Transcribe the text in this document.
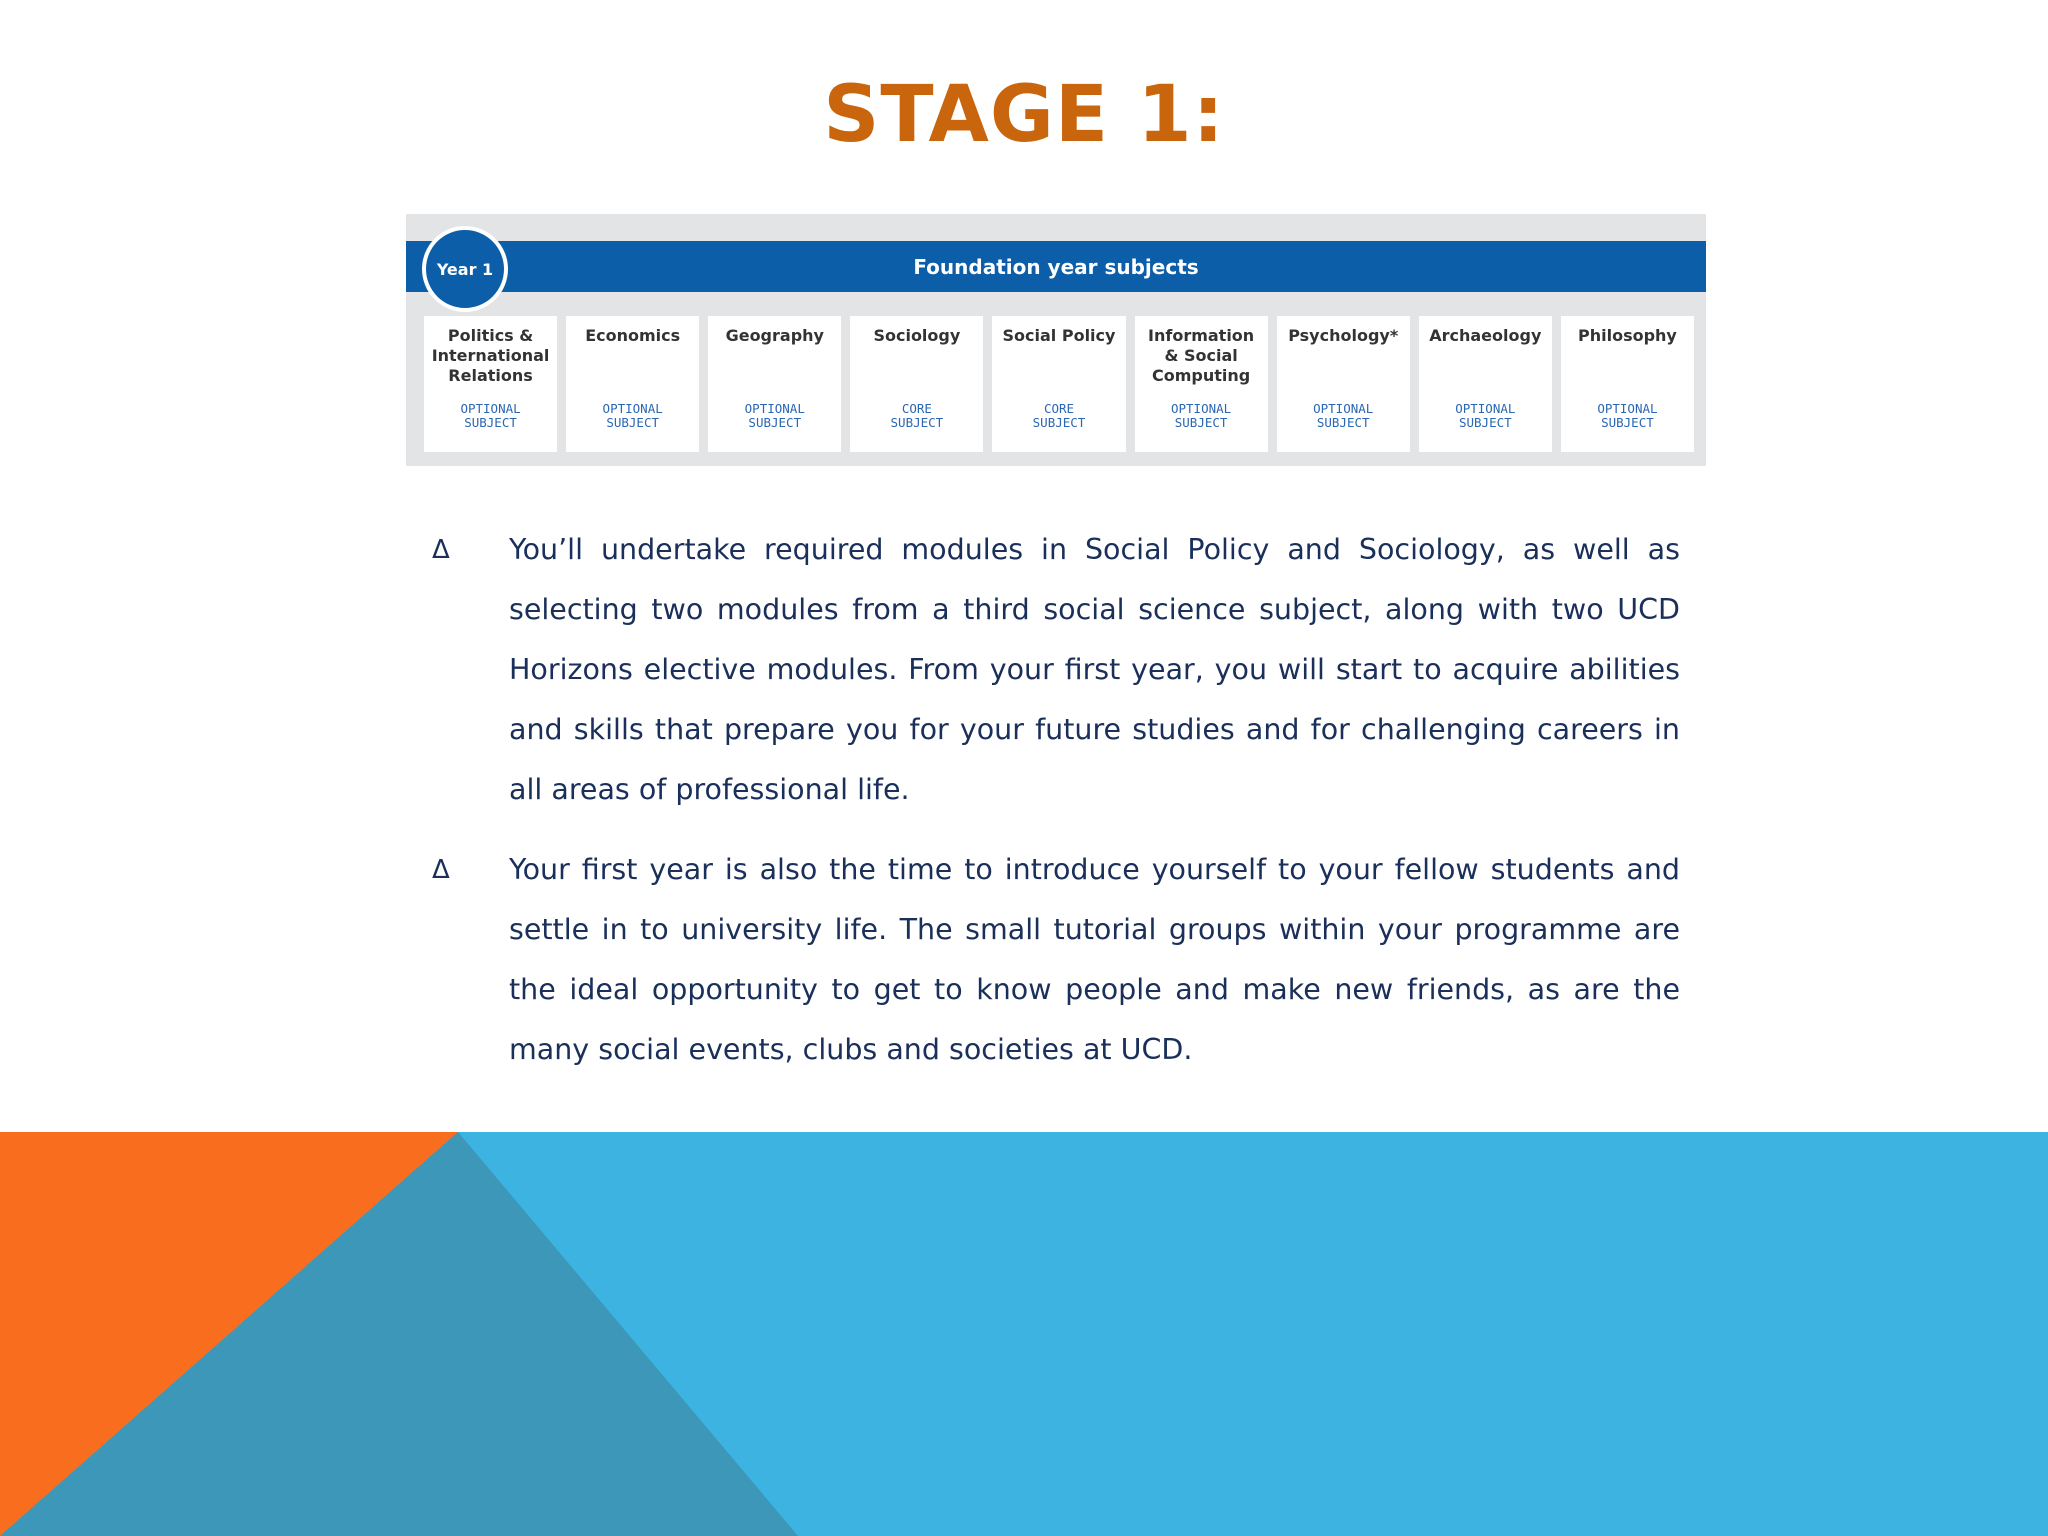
STAGE 1:
Foundation year subjects
Year 1
Politics & International Relations
OPTIONAL
SUBJECT
Economics
OPTIONAL
SUBJECT
Geography
OPTIONAL
SUBJECT
Sociology
CORE
SUBJECT
Social Policy
CORE
SUBJECT
Information & Social Computing
OPTIONAL
SUBJECT
Psychology*
OPTIONAL
SUBJECT
Archaeology
OPTIONAL
SUBJECT
Philosophy
OPTIONAL
SUBJECT
Δ You’ll undertake required modules in Social Policy and Sociology, as well as selecting two modules from a third social science subject, along with two UCD Horizons elective modules. From your first year, you will start to acquire abilities and skills that prepare you for your future studies and for challenging careers in all areas of professional life.
Δ Your first year is also the time to introduce yourself to your fellow students and settle in to university life. The small tutorial groups within your programme are the ideal opportunity to get to know people and make new friends, as are the many social events, clubs and societies at UCD.
